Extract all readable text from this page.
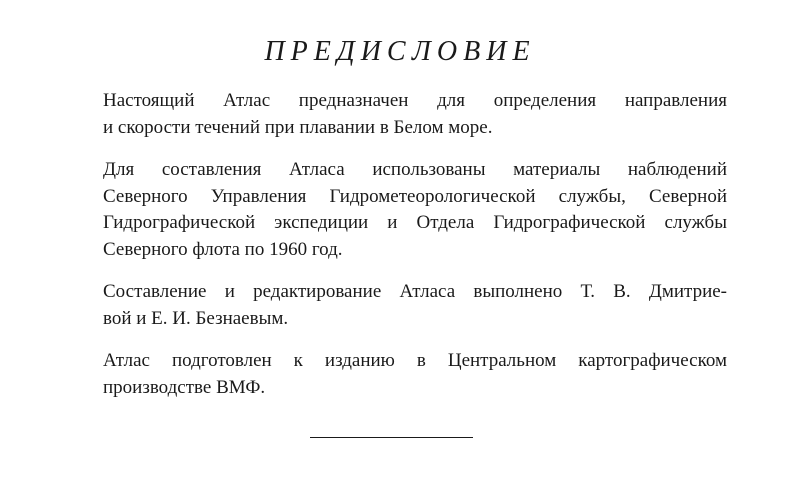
ПРЕДИСЛОВИЕ

Настоящий Атлас предназначен для определения направления
и скорости течений при плавании в Белом море.

Для составления Атласа использованы материалы наблюдений
Северного Управления Гидрометеорологической службы, Северной
Гидрографической экспедиции и Отдела Гидрографической службы
Северного флота по 1960 год.

Составление и редактирование Атласа выполнено Т. В. Дмитрие-
вой и Е. И. Безнаевым.

Атлас подготовлен к изданию в Центральном картографическом
производстве ВМФ.
